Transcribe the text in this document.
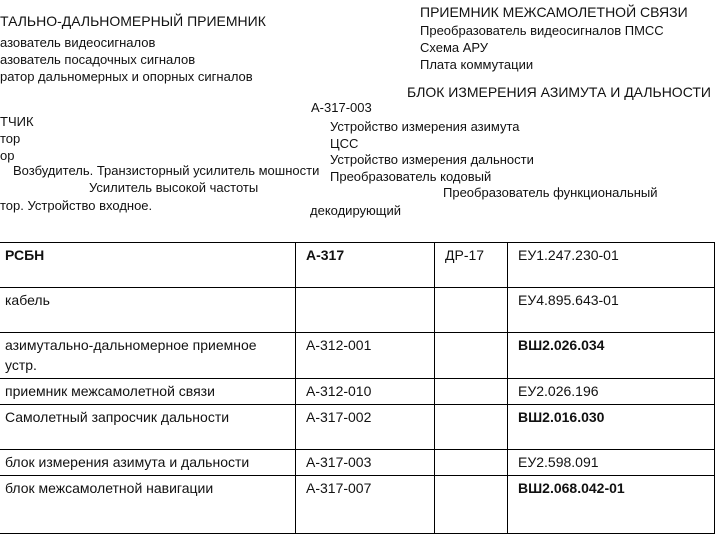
ТАЛЬНО-ДАЛЬНОМЕРНЫЙ ПРИЕМНИК
азователь видеосигналов
азователь посадочных сигналов
ратор дальномерных и опорных сигналов
ПРИЕМНИК МЕЖСАМОЛЕТНОЙ СВЯЗИ
Преобразователь видеосигналов ПМСС
Схема АРУ
Плата коммутации
БЛОК ИЗМЕРЕНИЯ АЗИМУТА И ДАЛЬНОСТИ
А-317-003
Устройство измерения азимута
ЦСС
Устройство измерения дальности
Преобразователь кодовый
Преобразователь функциональный
декодирующий
ТЧИК
тор
ор
Возбудитель. Транзисторный усилитель мошности
Усилитель высокой частоты
тор. Устройство входное.
РСБН	А-317	ДР-17	ЕУ1.247.230-01
кабель			ЕУ4.895.643-01
азимутально-дальномерное приемное устр.	А-312-001		ВШ2.026.034
приемник межсамолетной связи	А-312-010		ЕУ2.026.196
Самолетный запросчик дальности	А-317-002		ВШ2.016.030
блок измерения азимута и дальности	А-317-003		ЕУ2.598.091
блок межсамолетной навигации	А-317-007		ВШ2.068.042-01
